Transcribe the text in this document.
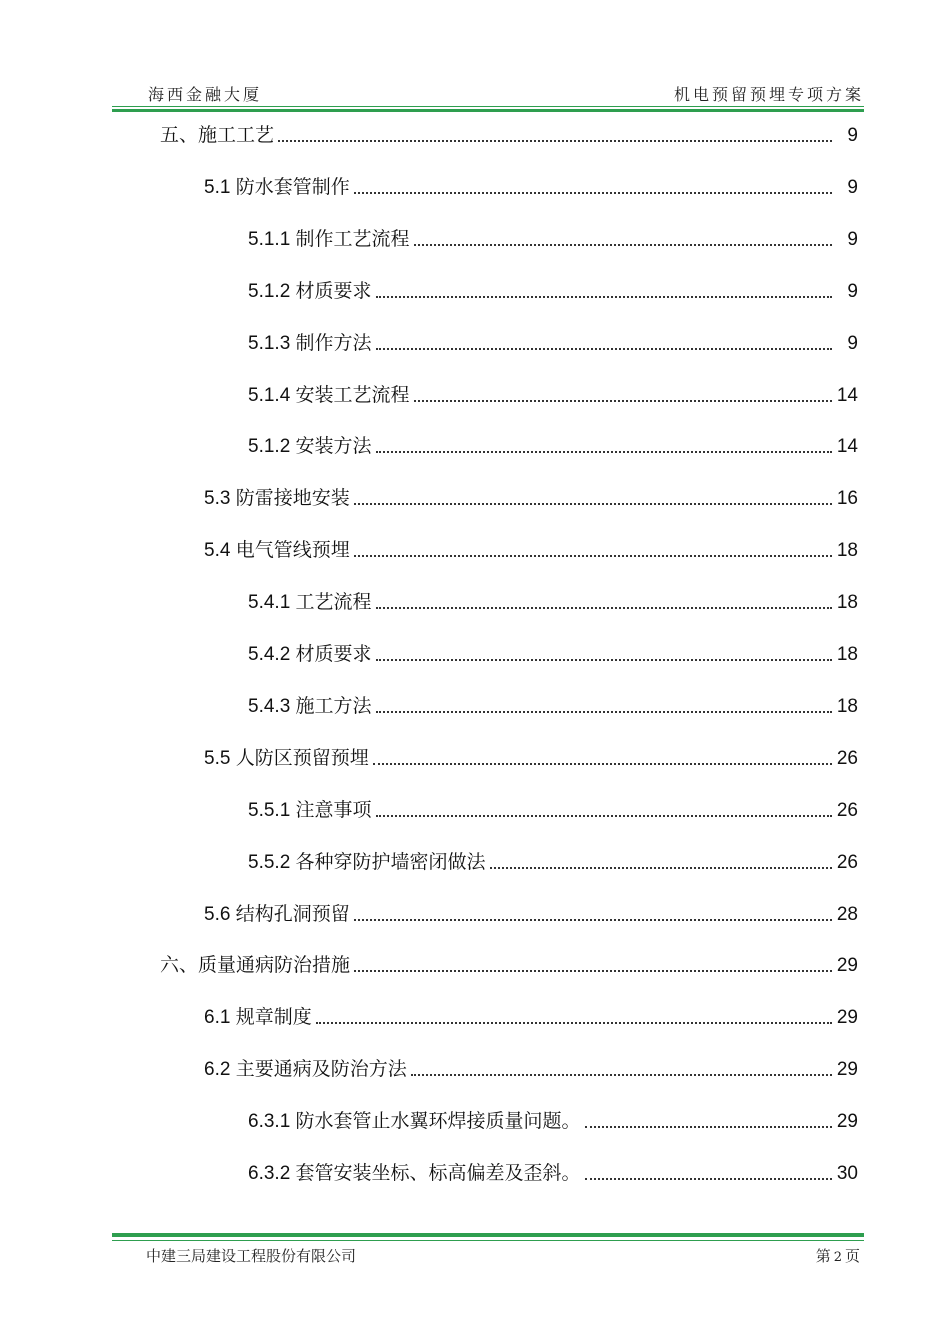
海西金融大厦	机电预留预埋专项方案
五、施工工艺	9
5.1 防水套管制作	9
5.1.1 制作工艺流程	9
5.1.2 材质要求	9
5.1.3 制作方法	9
5.1.4 安装工艺流程	14
5.1.2 安装方法	14
5.3 防雷接地安装	16
5.4 电气管线预埋	18
5.4.1 工艺流程	18
5.4.2 材质要求	18
5.4.3 施工方法	18
5.5 人防区预留预埋	26
5.5.1 注意事项	26
5.5.2 各种穿防护墙密闭做法	26
5.6 结构孔洞预留	28
六、质量通病防治措施	29
6.1 规章制度	29
6.2 主要通病及防治方法	29
6.3.1 防水套管止水翼环焊接质量问题。	29
6.3.2 套管安装坐标、标高偏差及歪斜。	30
中建三局建设工程股份有限公司	第 2 页
